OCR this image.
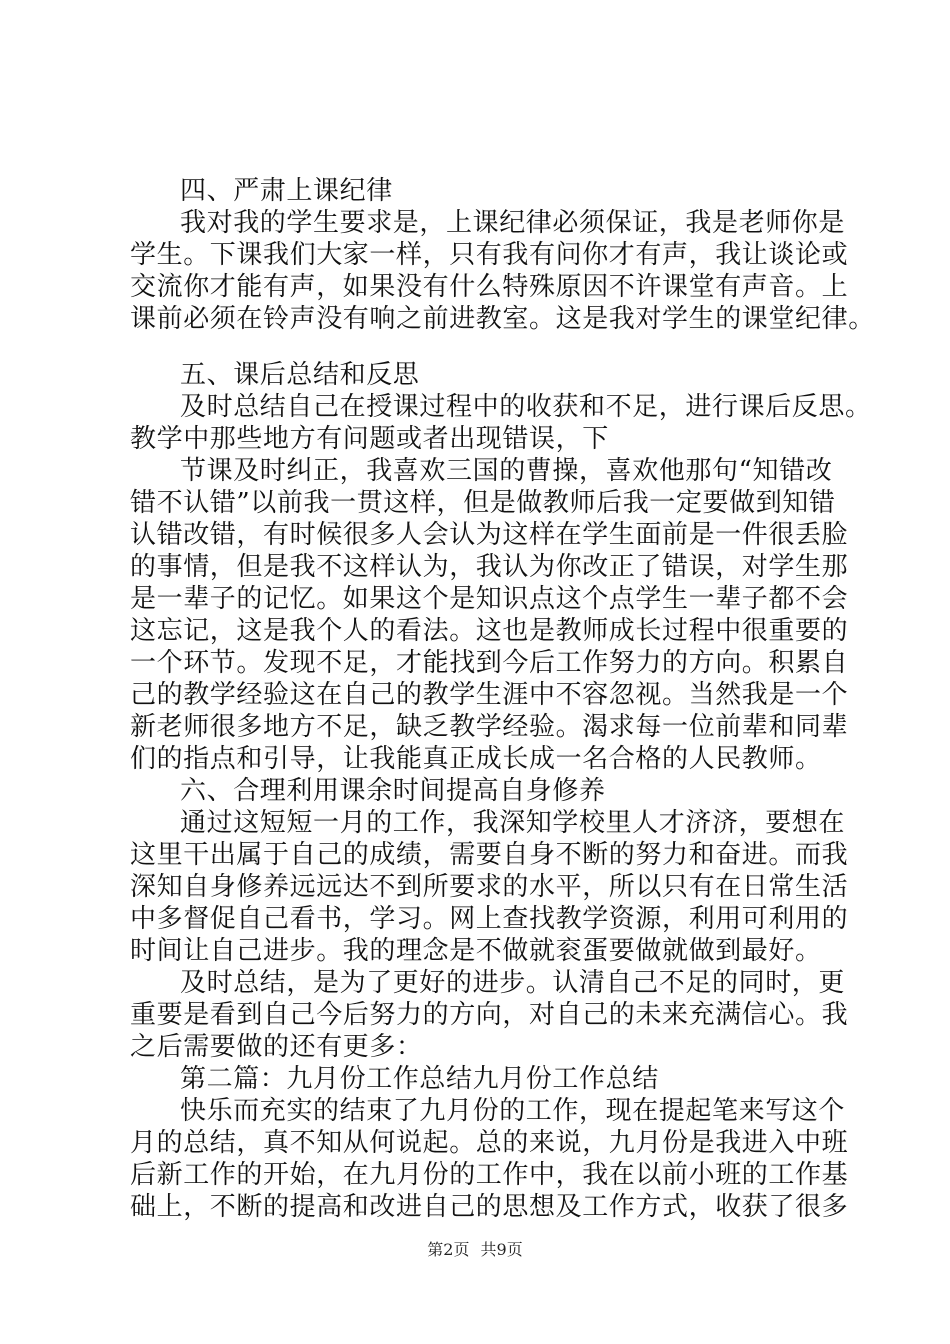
四、严肃上课纪律
我对我的学生要求是，上课纪律必须保证，我是老师你是
学生。下课我们大家一样，只有我有问你才有声，我让谈论或
交流你才能有声，如果没有什么特殊原因不许课堂有声音。上
课前必须在铃声没有响之前进教室。这是我对学生的课堂纪律。
五、课后总结和反思
及时总结自己在授课过程中的收获和不足，进行课后反思。
教学中那些地方有问题或者出现错误，下
节课及时纠正，我喜欢三国的曹操，喜欢他那句“知错改
错不认错”以前我一贯这样，但是做教师后我一定要做到知错
认错改错，有时候很多人会认为这样在学生面前是一件很丢脸
的事情，但是我不这样认为，我认为你改正了错误，对学生那
是一辈子的记忆。如果这个是知识点这个点学生一辈子都不会
这忘记，这是我个人的看法。这也是教师成长过程中很重要的
一个环节。发现不足，才能找到今后工作努力的方向。积累自
己的教学经验这在自己的教学生涯中不容忽视。当然我是一个
新老师很多地方不足，缺乏教学经验。渴求每一位前辈和同辈
们的指点和引导，让我能真正成长成一名合格的人民教师。
六、合理利用课余时间提高自身修养
通过这短短一月的工作，我深知学校里人才济济，要想在
这里干出属于自己的成绩，需要自身不断的努力和奋进。而我
深知自身修养远远达不到所要求的水平，所以只有在日常生活
中多督促自己看书，学习。网上查找教学资源，利用可利用的
时间让自己进步。我的理念是不做就衮蛋要做就做到最好。
及时总结，是为了更好的进步。认清自己不足的同时，更
重要是看到自己今后努力的方向，对自己的未来充满信心。我
之后需要做的还有更多：
第二篇：九月份工作总结九月份工作总结
快乐而充实的结束了九月份的工作，现在提起笔来写这个
月的总结，真不知从何说起。总的来说，九月份是我进入中班
后新工作的开始，在九月份的工作中，我在以前小班的工作基
础上，不断的提高和改进自己的思想及工作方式，收获了很多
第2页 共9页
